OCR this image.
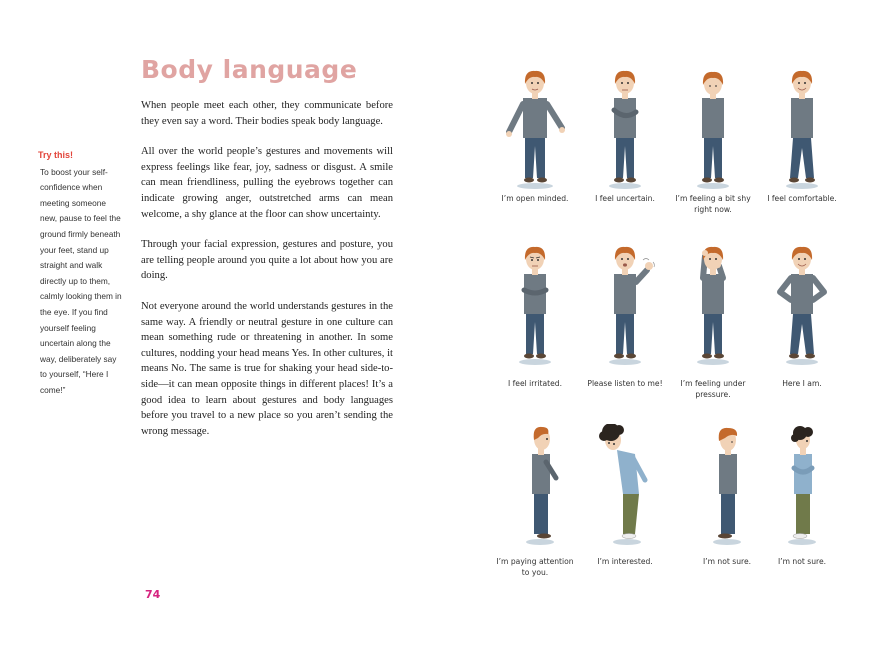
Body language
Try this!
To boost your self-confidence when meeting someone new, pause to feel the ground firmly beneath your feet, stand up straight and walk directly up to them, calmly looking them in the eye. If you find yourself feeling uncertain along the way, deliberately say to yourself, “Here I come!”

When people meet each other, they communicate before they even say a word. Their bodies speak body language.

All over the world people’s gestures and movements will express feelings like fear, joy, sadness or disgust. A smile can mean friendliness, pulling the eyebrows together can indicate growing anger, outstretched arms can mean welcome, a shy glance at the floor can show uncertainty.

Through your facial expression, gestures and posture, you are telling people around you quite a lot about how you are doing.

Not everyone around the world understands gestures in the same way. A friendly or neutral gesture in one culture can mean something rude or threatening in another. In some cultures, nodding your head means Yes. In other cultures, it means No. The same is true for shaking your head side-to-side—it can mean opposite things in different places! It’s a good idea to learn about gestures and body languages before you travel to a new place so you aren’t sending the wrong message.

74
I’m open minded.	I feel uncertain.	I’m feeling a bit shy right now.
I feel comfortable.
I feel irritated.	Please listen to me!	I’m feeling under pressure.
Here I am.
I’m paying attention to you.
I’m interested.	I’m not sure.	I’m not sure.
